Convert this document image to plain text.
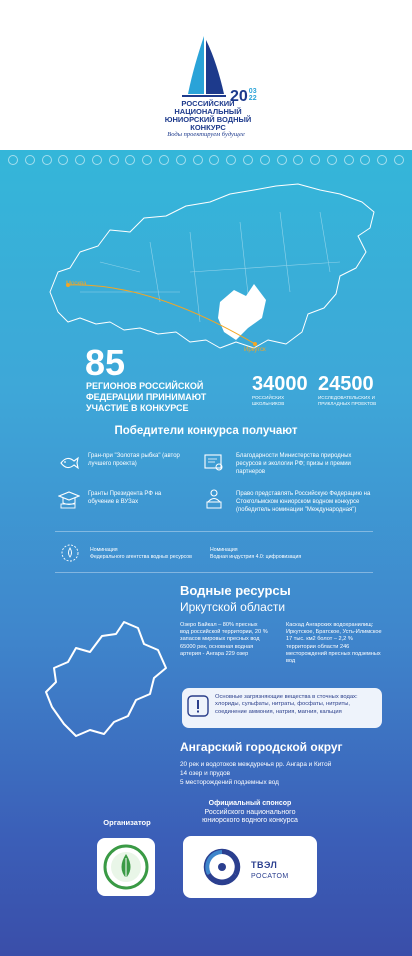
2003
22
РОССИЙСКИЙ НАЦИОНАЛЬНЫЙ
ЮНИОРСКИЙ ВОДНЫЙ КОНКУРС
Воды проектируем будущее
Москва
Иркутск
85
РЕГИОНОВ РОССИЙСКОЙ ФЕДЕРАЦИИ ПРИНИМАЮТ УЧАСТИЕ В КОНКУРСЕ
34000
РОССИЙСКИХ ШКОЛЬНИКОВ
24500
ИССЛЕДОВАТЕЛЬСКИХ И ПРИКЛАДНЫХ ПРОЕКТОВ
Победители конкурса получают
Гран-при "Золотая рыбка" (автор лучшего проекта)
Благодарности Министерства природных ресурсов и экологии РФ; призы и премии партнеров
Гранты Президента РФ на обучение в ВУЗах
Право представлять Российскую Федерацию на Стокгольмском юниорском водном конкурсе (победитель номинации "Международная")
Номинация
Федерального агентства водных ресурсов
Номинация
Водная индустрия 4.0: цифровизация
Водные ресурсы
Иркутской области
Озеро Байкал – 80% пресных вод российской территории, 20 % запасов мировых пресных вод 65000 рек, основная водная артерия - Ангара 229 озер
Каскад Ангарских водохранилищ: Иркутское, Братское, Усть-Илимское 17 тыс. км2 болот – 2,2 % территории области 246 месторождений пресных подземных вод
Основные загрязняющие вещества в сточных водах: хлориды, сульфаты, нитраты, фосфаты, нитриты, соединение аммония, натрия, магния, кальция
Ангарский городской округ
20 рек и водотоков междуречья рр. Ангара и Китой
14 озер и прудов
5 месторождений подземных вод
Официальный спонсор
Российского национального
юниорского водного конкурса
Организатор
ТВЭЛ
РОСАТОМ
